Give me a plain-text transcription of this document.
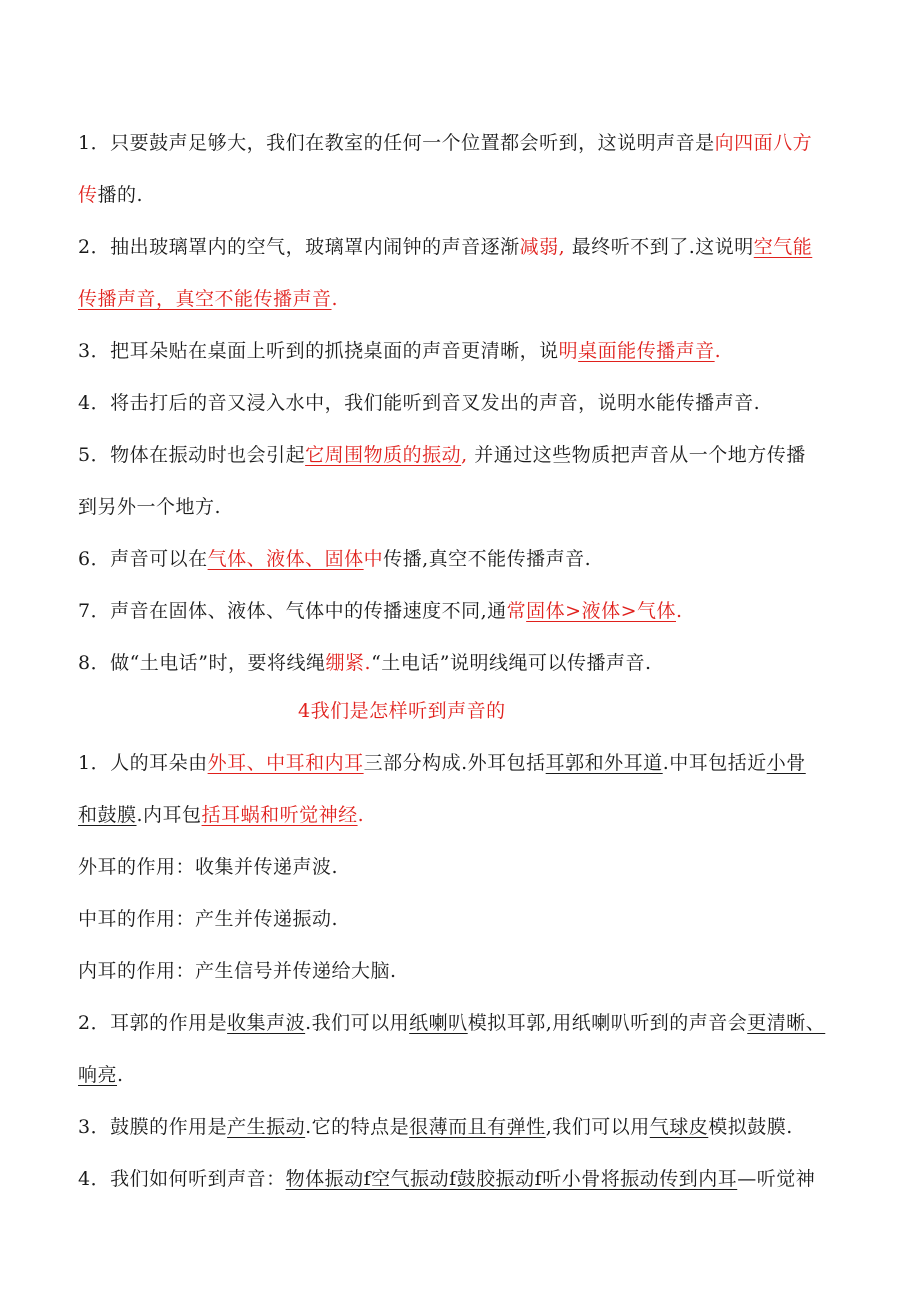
1．只要鼓声足够大，我们在教室的任何一个位置都会听到，这说明声音是向四面八方
传播的.
2．抽出玻璃罩内的空气，玻璃罩内闹钟的声音逐渐减弱, 最终听不到了.这说明空气能
传播声音，真空不能传播声音.
3．把耳朵贴在桌面上听到的抓挠桌面的声音更清晰，说明桌面能传播声音.
4．将击打后的音又浸入水中，我们能听到音叉发出的声音，说明水能传播声音.
5．物体在振动时也会引起它周围物质的振动, 并通过这些物质把声音从一个地方传播
到另外一个地方.
6．声音可以在气体、液体、固体中传播,真空不能传播声音.
7．声音在固体、液体、气体中的传播速度不同,通常固体>液体>气体.
8．做“土电话”时，要将线绳绷紧.“土电话”说明线绳可以传播声音.
4我们是怎样听到声音的
1．人的耳朵由外耳、中耳和内耳三部分构成.外耳包括耳郭和外耳道.中耳包括近小骨
和鼓膜.内耳包括耳蜗和听觉神经.
外耳的作用：收集并传递声波.
中耳的作用：产生并传递振动.
内耳的作用：产生信号并传递给大脑.
2．耳郭的作用是收集声波.我们可以用纸喇叭模拟耳郭,用纸喇叭听到的声音会更清晰、
响亮.
3．鼓膜的作用是产生振动.它的特点是很薄而且有弹性,我们可以用气球皮模拟鼓膜.
4．我们如何听到声音：物体振动f空气振动f鼓胶振动f听小骨将振动传到内耳—听觉神
